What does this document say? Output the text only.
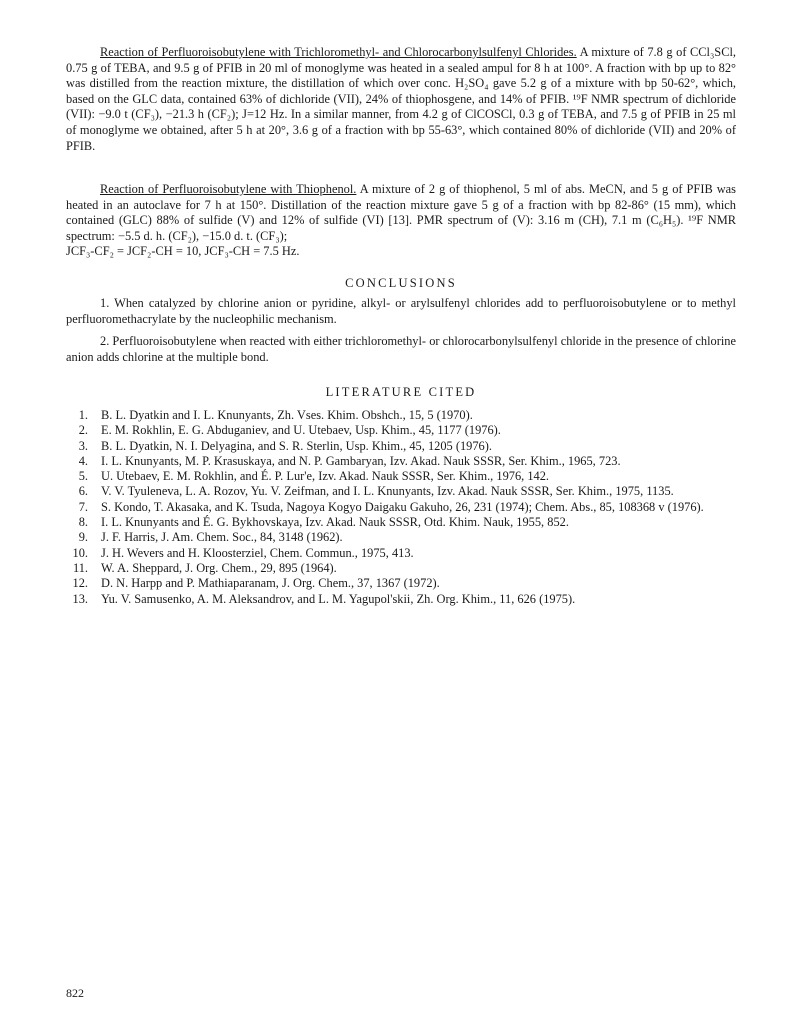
Reaction of Perfluoroisobutylene with Trichloromethyl- and Chlorocarbonylsulfenyl Chlorides. A mixture of 7.8 g of CCl₃SCl, 0.75 g of TEBA, and 9.5 g of PFIB in 20 ml of monoglyme was heated in a sealed ampul for 8 h at 100°. A fraction with bp up to 82° was distilled from the reaction mixture, the distillation of which over conc. H₂SO₄ gave 5.2 g of a mixture with bp 50-62°, which, based on the GLC data, contained 63% of dichloride (VII), 24% of thiophosgene, and 14% of PFIB. ¹⁹F NMR spectrum of dichloride (VII): −9.0 t (CF₃), −21.3 h (CF₂); J=12 Hz. In a similar manner, from 4.2 g of ClCOSCl, 0.3 g of TEBA, and 7.5 g of PFIB in 25 ml of monoglyme we obtained, after 5 h at 20°, 3.6 g of a fraction with bp 55-63°, which contained 80% of dichloride (VII) and 20% of PFIB.

Reaction of Perfluoroisobutylene with Thiophenol. A mixture of 2 g of thiophenol, 5 ml of abs. MeCN, and 5 g of PFIB was heated in an autoclave for 7 h at 150°. Distillation of the reaction mixture gave 5 g of a fraction with bp 82-86° (15 mm), which contained (GLC) 88% of sulfide (V) and 12% of sulfide (VI) [13]. PMR spectrum of (V): 3.16 m (CH), 7.1 m (C₆H₅). ¹⁹F NMR spectrum: −5.5 d. h. (CF₂), −15.0 d. t. (CF₃);

JCF₃-CF₂ = JCF₂-CH = 10, JCF₃-CH = 7.5 Hz.
CONCLUSIONS

1. When catalyzed by chlorine anion or pyridine, alkyl- or arylsulfenyl chlorides add to perfluoroisobutylene or to methyl perfluoromethacrylate by the nucleophilic mechanism.

2. Perfluoroisobutylene when reacted with either trichloromethyl- or chlorocarbonylsulfenyl chloride in the presence of chlorine anion adds chlorine at the multiple bond.

LITERATURE CITED
1. B. L. Dyatkin and I. L. Knunyants, Zh. Vses. Khim. Obshch., 15, 5 (1970).
2. E. M. Rokhlin, E. G. Abduganiev, and U. Utebaev, Usp. Khim., 45, 1177 (1976).
3. B. L. Dyatkin, N. I. Delyagina, and S. R. Sterlin, Usp. Khim., 45, 1205 (1976).
4. I. L. Knunyants, M. P. Krasuskaya, and N. P. Gambaryan, Izv. Akad. Nauk SSSR, Ser. Khim., 1965, 723.
5. U. Utebaev, E. M. Rokhlin, and É. P. Lur'e, Izv. Akad. Nauk SSSR, Ser. Khim., 1976, 142.
6. V. V. Tyuleneva, L. A. Rozov, Yu. V. Zeifman, and I. L. Knunyants, Izv. Akad. Nauk SSSR, Ser. Khim., 1975, 1135.
7. S. Kondo, T. Akasaka, and K. Tsuda, Nagoya Kogyo Daigaku Gakuho, 26, 231 (1974); Chem. Abs., 85, 108368 v (1976).
8. I. L. Knunyants and É. G. Bykhovskaya, Izv. Akad. Nauk SSSR, Otd. Khim. Nauk, 1955, 852.
9. J. F. Harris, J. Am. Chem. Soc., 84, 3148 (1962).
10. J. H. Wevers and H. Kloosterziel, Chem. Commun., 1975, 413.
11. W. A. Sheppard, J. Org. Chem., 29, 895 (1964).
12. D. N. Harpp and P. Mathiaparanam, J. Org. Chem., 37, 1367 (1972).
13. Yu. V. Samusenko, A. M. Aleksandrov, and L. M. Yagupol'skii, Zh. Org. Khim., 11, 626 (1975).
822
